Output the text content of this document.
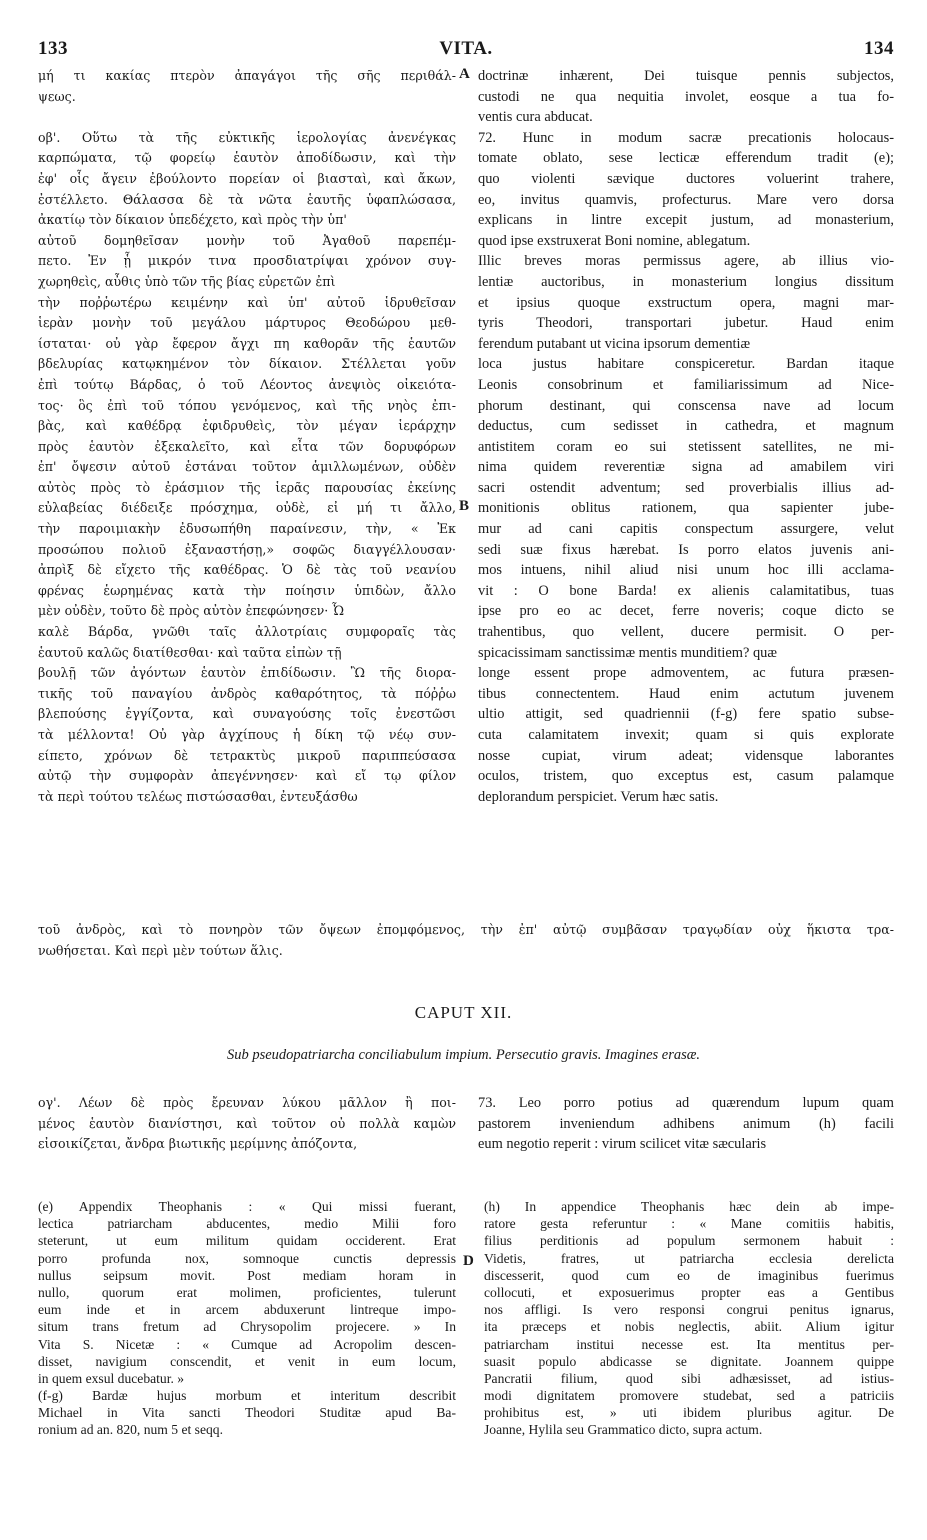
133	VITA.	134
μή τι κακίας πτερὸν ἀπαγάγοι τῆς σῆς περιθάλ-
ψεως.
οβ'. Οὕτω τὰ τῆς εὐκτικῆς ἱερολογίας ἀνενέγκας
καρπώματα, τῷ φορείῳ ἑαυτὸν ἀποδίδωσιν, καὶ τὴν
ἐφ' οἷς ἄγειν ἐβούλοντο πορείαν οἱ βιασταὶ, καὶ ἄκων,
ἐστέλλετο. Θάλασσα δὲ τὰ νῶτα ἑαυτῆς ὑφαπλώσασα,
ἀκατίῳ τὸν δίκαιον ὑπεδέχετο, καὶ πρὸς τὴν ὑπ'
αὐτοῦ δομηθεῖσαν μονὴν τοῦ Ἀγαθοῦ παρεπέμ-
πετο. Ἐν ᾗ μικρόν τινα προσδιατρίψαι χρόνον συγ-
χωρηθεὶς, αὖθις ὑπὸ τῶν τῆς βίας εὑρετῶν ἐπὶ
τὴν ποῤῥωτέρω κειμένην καὶ ὑπ' αὐτοῦ ἱδρυθεῖσαν
ἱερὰν μονὴν τοῦ μεγάλου μάρτυρος Θεοδώρου μεθ-
ίσταται· οὐ γὰρ ἔφερον ἄγχι πη καθορᾶν τῆς ἑαυτῶν
βδελυρίας κατῳκημένον τὸν δίκαιον. Στέλλεται γοῦν
ἐπὶ τούτῳ Βάρδας, ὁ τοῦ Λέοντος ἀνεψιὸς οἰκειότα-
τος· ὃς ἐπὶ τοῦ τόπου γενόμενος, καὶ τῆς νηὸς ἐπι-
βὰς, καὶ καθέδρᾳ ἐφιδρυθεὶς, τὸν μέγαν ἱεράρχην
πρὸς ἑαυτὸν ἐξεκαλεῖτο, καὶ εἶτα τῶν δορυφόρων
ἐπ' ὄψεσιν αὐτοῦ ἑστάναι τοῦτον ἁμιλλωμένων, οὐδὲν
αὐτὸς πρὸς τὸ ἐράσμιον τῆς ἱερᾶς παρουσίας ἐκείνης
εὐλαβείας διέδειξε πρόσχημα, οὐδὲ, εἰ μή τι ἄλλο,
τὴν παροιμιακὴν ἐδυσωπήθη παραίνεσιν, τὴν, « Ἐκ
προσώπου πολιοῦ ἐξαναστήσῃ,» σοφῶς διαγγέλλουσαν·
ἀπρὶξ δὲ εἴχετο τῆς καθέδρας. Ὁ δὲ τὰς τοῦ νεανίου
φρένας ἑωρημένας κατὰ τὴν ποίησιν ὑπιδὼν, ἄλλο
μὲν οὐδὲν, τοῦτο δὲ πρὸς αὐτὸν ἐπεφώνησεν· Ὦ
καλὲ Βάρδα, γνῶθι ταῖς ἀλλοτρίαις συμφοραῖς τὰς
ἑαυτοῦ καλῶς διατίθεσθαι· καὶ ταῦτα εἰπὼν τῇ
βουλῇ τῶν ἀγόντων ἑαυτὸν ἐπιδίδωσιν. Ὢ τῆς διορα-
τικῆς τοῦ παναγίου ἀνδρὸς καθαρότητος, τὰ πόῤῥω
βλεπούσης ἐγγίζοντα, καὶ συναγούσης τοῖς ἐνεστῶσι
τὰ μέλλοντα! Οὐ γὰρ ἀγχίπους ἡ δίκη τῷ νέῳ συν-
είπετο, χρόνων δὲ τετρακτὺς μικροῦ παριππεύσασα
αὐτῷ τὴν συμφορὰν ἀπεγέννησεν· καὶ εἴ τῳ φίλον
τὰ περὶ τούτου τελέως πιστώσασθαι, ἐντευξάσθω
doctrinæ inhærent, Dei tuisque pennis subjectos,
custodi ne qua nequitia involet, eosque a tua fo-
ventis cura abducat.
72. Hunc in modum sacræ precationis holocaus-
tomate oblato, sese lecticæ efferendum tradit (e);
quo violenti sævique ductores voluerint trahere,
eo, invitus quamvis, profecturus. Mare vero dorsa
explicans in lintre excepit justum, ad monasterium,
quod ipse exstruxerat Boni nomine, ablegatum.
Illic breves moras permissus agere, ab illius vio-
lentiæ auctoribus, in monasterium longius dissitum
et ipsius quoque exstructum opera, magni mar-
tyris Theodori, transportari jubetur. Haud enim
ferendum putabant ut vicina ipsorum dementiæ
loca justus habitare conspiceretur. Bardan itaque
Leonis consobrinum et familiarissimum ad Nice-
phorum destinant, qui conscensa nave ad locum
deductus, cum sedisset in cathedra, et magnum
antistitem coram eo sui stetissent satellites, ne mi-
nima quidem reverentiæ signa ad amabilem viri
sacri ostendit adventum; sed proverbialis illius ad-
monitionis oblitus rationem, qua sapienter jube-
mur ad cani capitis conspectum assurgere, velut
sedi suæ fixus hærebat. Is porro elatos juvenis ani-
mos intuens, nihil aliud nisi unum hoc illi acclama-
vit : O bone Barda! ex alienis calamitatibus, tuas
ipse pro eo ac decet, ferre noveris; coque dicto se
trahentibus, quo vellent, ducere permisit. O per-
spicacissimam sanctissimæ mentis munditiem? quæ
longe essent prope admoventem, ac futura præsen-
tibus connectentem. Haud enim actutum juvenem
ultio attigit, sed quadriennii (f-g) fere spatio subse-
cuta calamitatem invexit; quam si quis explorate
nosse cupiat, virum adeat; vidensque laborantes
oculos, tristem, quo exceptus est, casum palamque
deplorandum perspiciet. Verum hæc satis.
A
B
τοῦ ἀνδρὸς, καὶ τὸ πονηρὸν τῶν ὄψεων ἐπομφόμενος, τὴν ἐπ' αὐτῷ συμβᾶσαν τραγῳδίαν οὐχ ἥκιστα τρα-
νωθήσεται. Καὶ περὶ μὲν τούτων ἅλις.
CAPUT XII.
Sub pseudopatriarcha conciliabulum impium. Persecutio gravis. Imagines erasæ.
ογ'. Λέων δὲ πρὸς ἔρευναν λύκου μᾶλλον ἢ ποι-
μένος ἑαυτὸν διανίστησι, καὶ τοῦτον οὐ πολλὰ καμὼν
εἰσοικίζεται, ἄνδρα βιωτικῆς μερίμνης ἀπόζοντα,
73. Leo porro potius ad quærendum lupum quam
pastorem inveniendum adhibens animum (h) facili
eum negotio reperit : virum scilicet vitæ sæcularis
(e) Appendix Theophanis : « Qui missi fuerant,
lectica patriarcham abducentes, medio Milii foro
steterunt, ut eum militum quidam occiderent. Erat
porro profunda nox, somnoque cunctis depressis
nullus seipsum movit. Post mediam horam in
nullo, quorum erat molimen, proficientes, tulerunt
eum inde et in arcem abduxerunt lintreque impo-
situm trans fretum ad Chrysopolim projecere. » In
Vita S. Nicetæ : « Cumque ad Acropolim descen-
disset, navigium conscendit, et venit in eum locum,
in quem exsul ducebatur. »
(f-g) Bardæ hujus morbum et interitum describit
Michael in Vita sancti Theodori Studitæ apud Ba-
ronium ad an. 820, num 5 et seqq.
(h) In appendice Theophanis hæc dein ab impe-
ratore gesta referuntur : « Mane comitiis habitis,
filius perditionis ad populum sermonem habuit :
Videtis, fratres, ut patriarcha ecclesia derelicta
discesserit, quod cum eo de imaginibus fuerimus
collocuti, et exposuerimus propter eas a Gentibus
nos affligi. Is vero responsi congrui penitus ignarus,
ita præceps et nobis neglectis, abiit. Alium igitur
patriarcham institui necesse est. Ita mentitus per-
suasit populo abdicasse se dignitate. Joannem quippe
Pancratii filium, quod sibi adhæsisset, ad istius-
modi dignitatem promovere studebat, sed a patriciis
prohibitus est, » uti ibidem pluribus agitur. De
Joanne, Hylila seu Grammatico dicto, supra actum.
D
